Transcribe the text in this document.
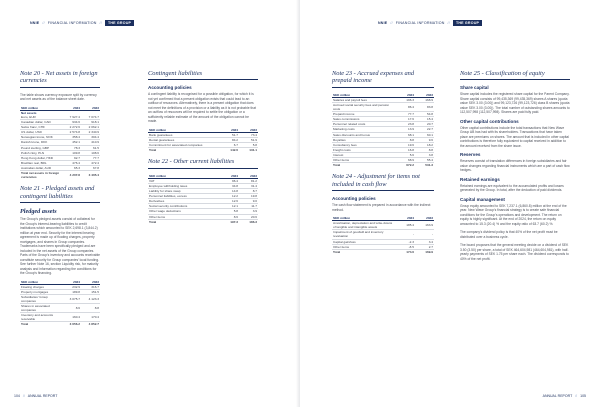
NNIE // FINANCIAL INFORMATION //	THE GROUP
Note 20 - Net assets in foreign currencies
The table shows currency exposure split by currency and net assets as of the balance sheet date.
SEK million	2024	2023
Net assets		
Euro, EUR	7 927.4	7 074.7
Canadian dollar, CAD	934.6	918.1
Swiss franc, CHF	2 272.6	2 062.1
US dollar, USD	2 574.8	2 340.9
Norwegian krone, NOK	358.4	304.4
Danish krone, DKK	452.1	410.9
Pound sterling, GBP	78.3	61.5
Polish zloty, PLN	109.8	108.6
Hong Kong dollar, HKD	92.7	77.7
Brazilian real, BRL	476.4	472.4
Australian dollar, AUD	65.3	67.8
Total net assets in foreign currencies	4 207.8	3 405.4
Note 21 - Pledged assets and contingent liabilities
Pledged assets
The Group's pledged assets consist of collateral for the Group's interest-bearing liabilities to credit institutions which amounted to SEK 2,698.1 (3,844.2) million at year end. Security for the interest bearing agreement is made up of floating charges, property mortgages, and shares in Group companies. Trademarks have been specifically pledged and are included in the net assets of the Group companies. Parts of the Group's inventory and accounts receivable constitute security for Group companies' local funding. See further Note 16, section Liquidity risk, for maturity analysis and information regarding the conditions for the Group's financing.
SEK million	2024	2023
Floating charges	232.9	316.7
Property mortgages	189.8	151.5
Subsidiaries' Group companies	3 075.7	4 123.3
Shares in associated companies	8.6	8.8
Inventory and accounts receivable	160.4	170.4
Total	3 656.2	4 852.7
Contingent liabilities
Accounting policies
A contingent liability is recognised for a possible obligation, for which it is not yet confirmed that a present obligation exists that could lead to an outflow of resources. Alternatively, there is a present obligation that does not meet the definitions of a provision or a liability as it is not probable that an outflow of resources will be required to settle the obligation or a sufficiently reliable estimate of the amount of the obligation cannot be made.
SEK million	2024	2023
Bank guarantees	51.7	73.4
Rental guarantees	84.2	51.9
Commitment for associated companies	6.7	5.8
Total	142.6	131.1
Note 22 - Other current liabilities
SEK million	2024	2023
VAT	96.4	81.2
Employee withholding taxes	34.8	31.4
Liability for share swap	14.8	8.7
Personnel liabilities, excess	12.2	19.8
Derivatives	12.6	9.0
Social security contributions	12.1	11.7
Other wage deductions	5.8	3.9
Other items	8.6	20.6
Total	197.3	186.3
104 // ANNUAL REPORT
NNIE // FINANCIAL INFORMATION //	THE GROUP
Note 23 - Accrued expenses and prepaid income
SEK million	2024	2023
Salaries and payroll fees	196.3	168.9
Accrued social security fees and pension costs	86.4	83.8
Prepaid income	77.7	54.8
Sales commissions	17.6	15.4
Personnel related costs	23.8	20.7
Marketing costs	13.9	22.7
Sales discounts and bonus	68.1	60.1
Royalties	8.8	9.6
Consultancy fees	19.6	18.2
Freight costs	16.8	8.8
Interest	5.6	3.8
Other items	68.9	55.4
Total	672.2	531.3
Note 24 - Adjustment for items not included in cash flow
Accounting policies
The cash flow statement is prepared in accordance with the indirect method.
SEK million	2024	2023
Amortisation, depreciation and write-downs of tangible and intangible assets	185.4	163.9
Impairment of goodwill and inventory revaluation	-	-
Capital gain/loss	-2.3	3.4
Other items	-8.5	2.7
Total	174.6	169.9
Note 25 - Classification of equity
Share capital
Share capital includes the registered share capital for the Parent Company. Share capital consists of 99,435,369 (99,435,369) shares A shares (quota value SEK 3.00 (3.00)) and 99,123,726 (99,123,726) class B shares (quota value SEK 3.00 (3.00)). The total number of outstanding shares amounts to 112,507,998 (112,507,998). Shares are paid fully paid.
Other capital contributions
Other capital contributions include the total transactions that New Wave Group AB has had with its shareholders. Transactions that have taken place are premiums on shares. The amount that is included in other capital contributions is therefore fully equivalent to capital received in addition to the amount received from the share issue.
Reserves
Reserves consist of translation differences in foreign subsidiaries and fair value changes regarding financial instruments which are a part of cash flow hedges.
Retained earnings
Retained earnings are equivalent to the accumulated profits and losses generated by the Group. In total, after the deduction of paid dividends.
Capital management
Group equity amounted to SEK 7,237.1 (6,860.8) million at the end of the year. New Wave Group's financial strategy is to create safe financial conditions for the Group's operations and development. The return on equity is highly significant. At the end of 2024, the return on equity amounted to 15.3 (20.4) % and the equity ratio of 63.7 (60.2) %.
The company's dividend policy is that 40% of the net profit must be distributed over a business cycle.
The board proposes that the general meeting decide on a dividend of SEK 3.50 (3.50) per share, a total of SEK 464,604,981 (464,604,981), with half-yearly payments of SEK 1.75 per share each. The dividend corresponds to 40% of the net profit.
ANNUAL REPORT // 105
